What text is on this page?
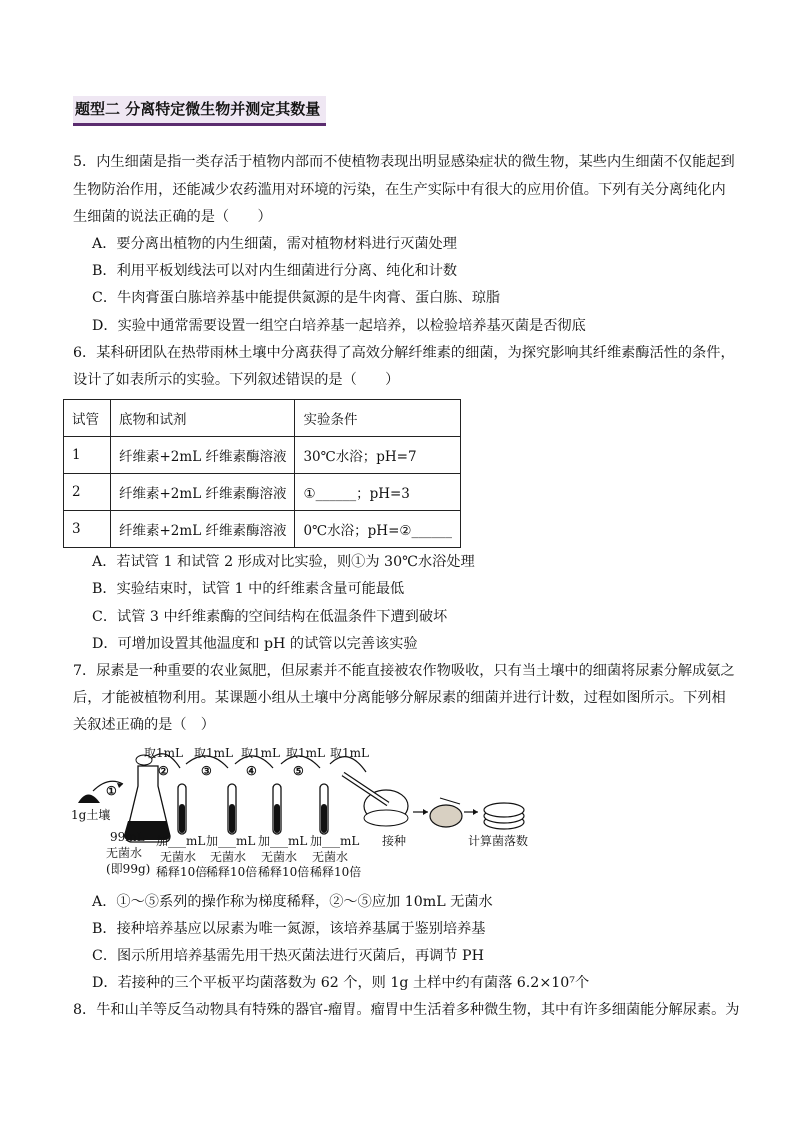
题型二 分离特定微生物并测定其数量
5．内生细菌是指一类存活于植物内部而不使植物表现出明显感染症状的微生物，某些内生细菌不仅能起到
生物防治作用，还能减少农药滥用对环境的污染，在生产实际中有很大的应用价值。下列有关分离纯化内
生细菌的说法正确的是（　　）
A．要分离出植物的内生细菌，需对植物材料进行灭菌处理
B．利用平板划线法可以对内生细菌进行分离、纯化和计数
C．牛肉膏蛋白胨培养基中能提供氮源的是牛肉膏、蛋白胨、琼脂
D．实验中通常需要设置一组空白培养基一起培养，以检验培养基灭菌是否彻底
6．某科研团队在热带雨林土壤中分离获得了高效分解纤维素的细菌，为探究影响其纤维素酶活性的条件，
设计了如表所示的实验。下列叙述错误的是（　　）
试管	底物和试剂	实验条件
1	纤维素+2mL 纤维素酶溶液	30℃水浴；pH=7
2	纤维素+2mL 纤维素酶溶液	①______；pH=3
3	纤维素+2mL 纤维素酶溶液	0℃水浴；pH=②______
A．若试管 1 和试管 2 形成对比实验，则①为 30℃水浴处理
B．实验结束时，试管 1 中的纤维素含量可能最低
C．试管 3 中纤维素酶的空间结构在低温条件下遭到破坏
D．可增加设置其他温度和 pH 的试管以完善该实验
7．尿素是一种重要的农业氮肥，但尿素并不能直接被农作物吸收，只有当土壤中的细菌将尿素分解成氨之
后，才能被植物利用。某课题小组从土壤中分离能够分解尿素的细菌并进行计数，过程如图所示。下列相
关叙述正确的是（　）
取1mL 取1mL 取1mL 取1mL 取1mL
①
②	③	④	⑤
1g土壤
99mL
无菌水
(即99g)
加___mL
无菌水
稀释10倍
加___mL
无菌水
稀释10倍
加___mL
无菌水
稀释10倍
加___mL
无菌水
稀释10倍
接种	计算菌落数
A．①～⑤系列的操作称为梯度稀释，②～⑤应加 10mL 无菌水
B．接种培养基应以尿素为唯一氮源，该培养基属于鉴别培养基
C．图示所用培养基需先用干热灭菌法进行灭菌后，再调节 PH
D．若接种的三个平板平均菌落数为 62 个，则 1g 土样中约有菌落 6.2×10⁷个
8．牛和山羊等反刍动物具有特殊的器官-瘤胃。瘤胃中生活着多种微生物，其中有许多细菌能分解尿素。为
